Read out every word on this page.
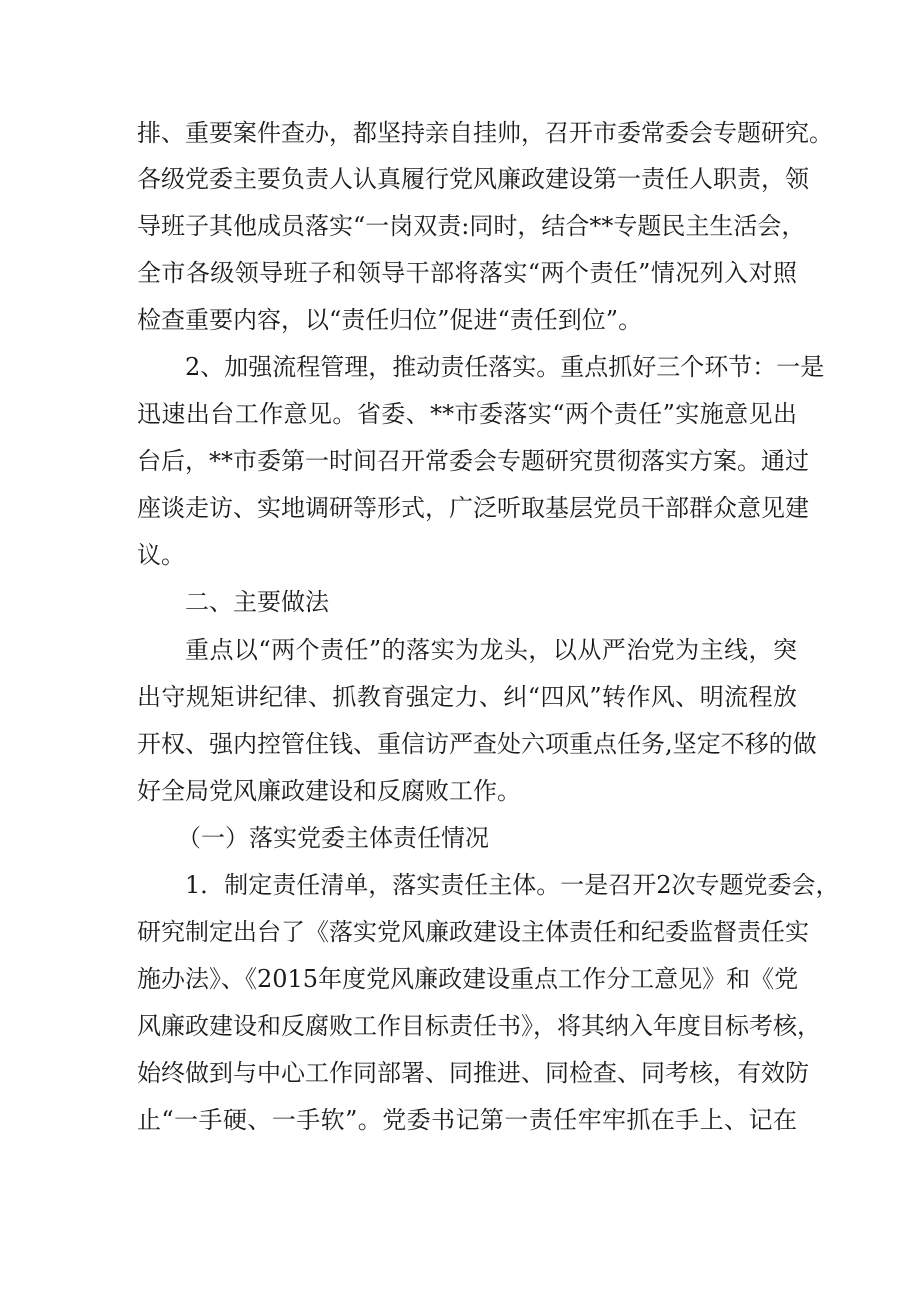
排、重要案件查办，都坚持亲自挂帅，召开市委常委会专题研究。
各级党委主要负责人认真履行党风廉政建设第一责任人职责，领
导班子其他成员落实“一岗双责:同时，结合**专题民主生活会，
全市各级领导班子和领导干部将落实“两个责任”情况列入对照
检查重要内容，以“责任归位”促进“责任到位”。
2、加强流程管理，推动责任落实。重点抓好三个环节：一是
迅速出台工作意见。省委、**市委落实“两个责任”实施意见出
台后，**市委第一时间召开常委会专题研究贯彻落实方案。通过
座谈走访、实地调研等形式，广泛听取基层党员干部群众意见建
议。
二、主要做法
重点以“两个责任”的落实为龙头，以从严治党为主线，突
出守规矩讲纪律、抓教育强定力、纠“四风”转作风、明流程放
开权、强内控管住钱、重信访严查处六项重点任务,坚定不移的做
好全局党风廉政建设和反腐败工作。
（一）落实党委主体责任情况
1．制定责任清单，落实责任主体。一是召开2次专题党委会，
研究制定出台了《落实党风廉政建设主体责任和纪委监督责任实
施办法》、《2015年度党风廉政建设重点工作分工意见》和《党
风廉政建设和反腐败工作目标责任书》，将其纳入年度目标考核，
始终做到与中心工作同部署、同推进、同检查、同考核，有效防
止“一手硬、一手软”。党委书记第一责任牢牢抓在手上、记在
